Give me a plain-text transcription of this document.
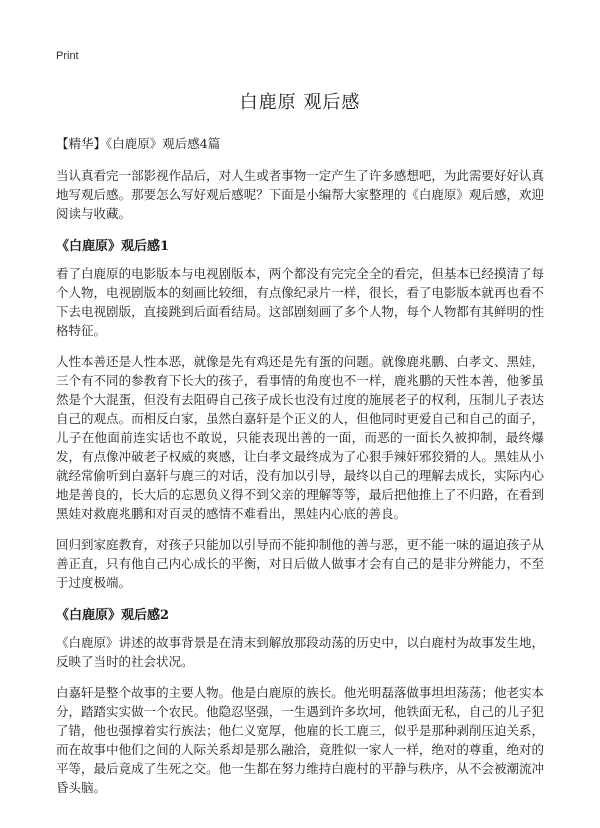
Print
白鹿原 观后感
【精华】《白鹿原》观后感4篇

当认真看完一部影视作品后，对人生或者事物一定产生了许多感想吧，为此需要好好认真地写观后感。那要怎么写好观后感呢？下面是小编帮大家整理的《白鹿原》观后感，欢迎阅读与收藏。

《白鹿原》观后感1

看了白鹿原的电影版本与电视剧版本，两个都没有完完全全的看完，但基本已经摸清了每个人物，电视剧版本的刻画比较细，有点像纪录片一样，很长，看了电影版本就再也看不下去电视剧版，直接跳到后面看结局。这部剧刻画了多个人物，每个人物都有其鲜明的性格特征。

人性本善还是人性本恶，就像是先有鸡还是先有蛋的问题。就像鹿兆鹏、白孝文、黑娃，三个有不同的参教育下长大的孩子，看事情的角度也不一样，鹿兆鹏的天性本善，他爹虽然是个大混蛋，但没有去阻碍自己孩子成长也没有过度的施展老子的权利，压制儿子表达自己的观点。而相反白家，虽然白嘉轩是个正义的人，但他同时更爱自己和自己的面子，儿子在他面前连实话也不敢说，只能表现出善的一面，而恶的一面长久被抑制，最终爆发，有点像冲破老子权威的爽感，让白孝文最终成为了心狠手辣奸邪狡猾的人。黑娃从小就经常偷听到白嘉轩与鹿三的对话，没有加以引导，最终以自己的理解去成长，实际内心地是善良的，长大后的忘恩负义得不到父亲的理解等等，最后把他推上了不归路，在看到黑娃对救鹿兆鹏和对百灵的感情不难看出，黑娃内心底的善良。

回归到家庭教育，对孩子只能加以引导而不能抑制他的善与恶，更不能一味的逼迫孩子从善正直，只有他自己内心成长的平衡，对日后做人做事才会有自己的是非分辨能力，不至于过度极端。

《白鹿原》观后感2

《白鹿原》讲述的故事背景是在清末到解放那段动荡的历史中，以白鹿村为故事发生地，反映了当时的社会状况。

白嘉轩是整个故事的主要人物。他是白鹿原的族长。他光明磊落做事坦坦荡荡；他老实本分，踏踏实实做一个农民。他隐忍坚强，一生遇到许多坎坷，他铁面无私，自己的儿子犯了错，他也强撑着实行族法；他仁义宽厚，他雇的长工鹿三，似乎是那种剥削压迫关系，而在故事中他们之间的人际关系却是那么融洽，竟胜似一家人一样，绝对的尊重，绝对的平等，最后竟成了生死之交。他一生都在努力维持白鹿村的平静与秩序，从不会被潮流冲昏头脑。
